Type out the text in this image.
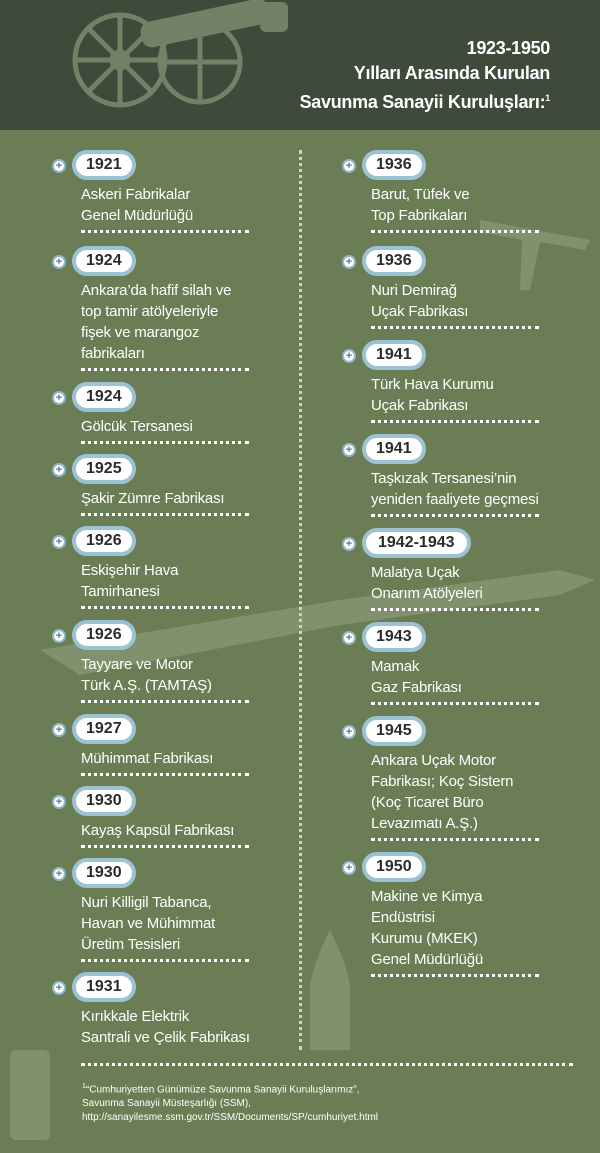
1923-1950
Yılları Arasında Kurulan
Savunma Sanayii Kuruluşları:$^1$
+	1921
Askeri Fabrikalar
Genel Müdürlüğü
+	1924
Ankara’da hafif silah ve
top tamir atölyeleriyle
fişek ve marangoz
fabrikaları
+	1924
Gölcük Tersanesi
+	1925
Şakir Zümre Fabrikası
+	1926
Eskişehir Hava
Tamirhanesi
+	1926
Tayyare ve Motor
Türk A.Ş. (TAMTAŞ)
+	1927
Mühimmat Fabrikası
+	1930
Kayaş Kapsül Fabrikası
+	1930
Nuri Killigil Tabanca,
Havan ve Mühimmat
Üretim Tesisleri
+	1931
Kırıkkale Elektrik
Santrali ve Çelik Fabrikası
+	1936
Barut, Tüfek ve
Top Fabrikaları
+	1936
Nuri Demirağ
Uçak Fabrikası
+	1941
Türk Hava Kurumu
Uçak Fabrikası
+	1941
Taşkızak Tersanesi’nin
yeniden faaliyete geçmesi
+	1942-1943
Malatya Uçak
Onarım Atölyeleri
+	1943
Mamak
Gaz Fabrikası
+	1945
Ankara Uçak Motor
Fabrikası; Koç Sistern
(Koç Ticaret Büro
Levazımatı A.Ş.)
+	1950
Makine ve Kimya
Endüstrisi
Kurumu (MKEK)
Genel Müdürlüğü
$^1$“Cumhuriyetten Günümüze Savunma Sanayii Kuruluşlarımız”,
Savunma Sanayii Müsteşarlığı (SSM),
http://sanayilesme.ssm.gov.tr/SSM/Documents/SP/cumhuriyet.html
